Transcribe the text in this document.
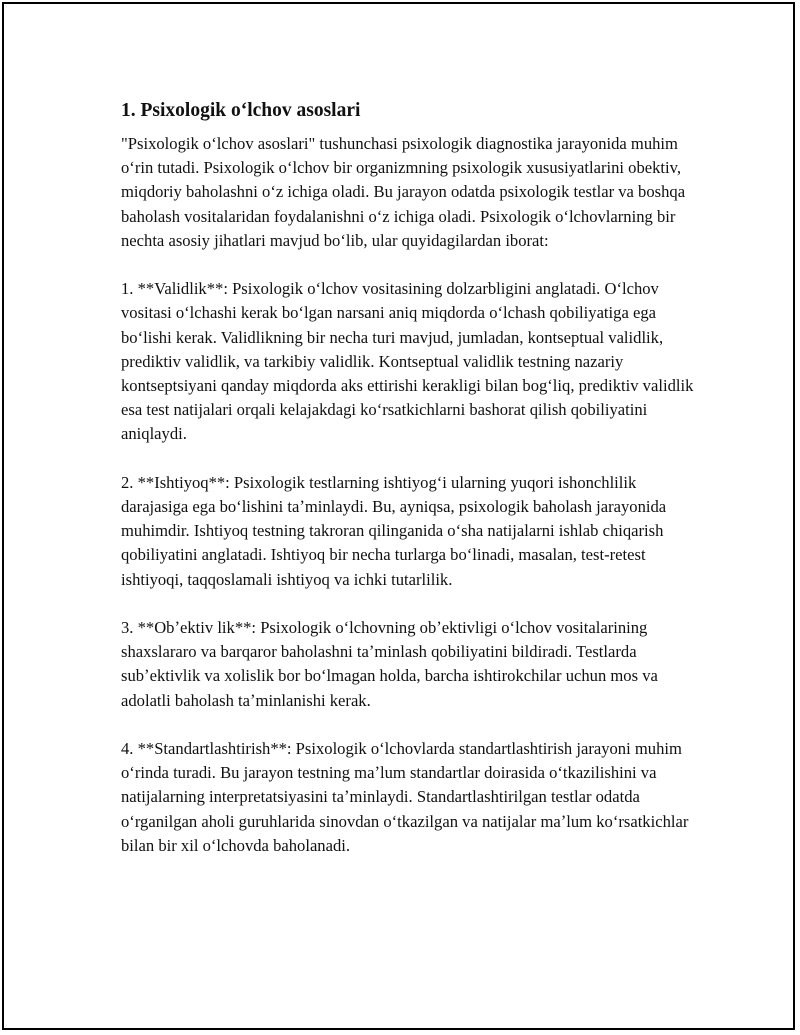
1. Psixologik oʻlchov asoslari

"Psixologik oʻlchov asoslari" tushunchasi psixologik diagnostika jarayonida muhim oʻrin tutadi. Psixologik oʻlchov bir organizmning psixologik xususiyatlarini obektiv, miqdoriy baholashni oʻz ichiga oladi. Bu jarayon odatda psixologik testlar va boshqa baholash vositalaridan foydalanishni oʻz ichiga oladi. Psixologik oʻlchovlarning bir nechta asosiy jihatlari mavjud boʻlib, ular quyidagilardan iborat:

1. **Validlik**: Psixologik oʻlchov vositasining dolzarbligini anglatadi. Oʻlchov vositasi oʻlchashi kerak boʻlgan narsani aniq miqdorda oʻlchash qobiliyatiga ega boʻlishi kerak. Validlikning bir necha turi mavjud, jumladan, kontseptual validlik, prediktiv validlik, va tarkibiy validlik. Kontseptual validlik testning nazariy kontseptsiyani qanday miqdorda aks ettirishi kerakligi bilan bogʻliq, prediktiv validlik esa test natijalari orqali kelajakdagi koʻrsatkichlarni bashorat qilish qobiliyatini aniqlaydi.

2. **Ishtiyoq**: Psixologik testlarning ishtiyogʻi ularning yuqori ishonchlilik darajasiga ega boʻlishini taʼminlaydi. Bu, ayniqsa, psixologik baholash jarayonida muhimdir. Ishtiyoq testning takroran qilinganida oʻsha natijalarni ishlab chiqarish qobiliyatini anglatadi. Ishtiyoq bir necha turlarga boʻlinadi, masalan, test-retest ishtiyoqi, taqqoslamali ishtiyoq va ichki tutarlilik.

3. **Obʼektiv lik**: Psixologik oʻlchovning obʼektivligi oʻlchov vositalarining shaxslararo va barqaror baholashni taʼminlash qobiliyatini bildiradi. Testlarda subʼektivlik va xolislik bor boʻlmagan holda, barcha ishtirokchilar uchun mos va adolatli baholash taʼminlanishi kerak.

4. **Standartlashtirish**: Psixologik oʻlchovlarda standartlashtirish jarayoni muhim oʻrinda turadi. Bu jarayon testning maʼlum standartlar doirasida oʻtkazilishini va natijalarning interpretatsiyasini taʼminlaydi. Standartlashtirilgan testlar odatda oʻrganilgan aholi guruhlarida sinovdan oʻtkazilgan va natijalar maʼlum koʻrsatkichlar bilan bir xil oʻlchovda baholanadi.
